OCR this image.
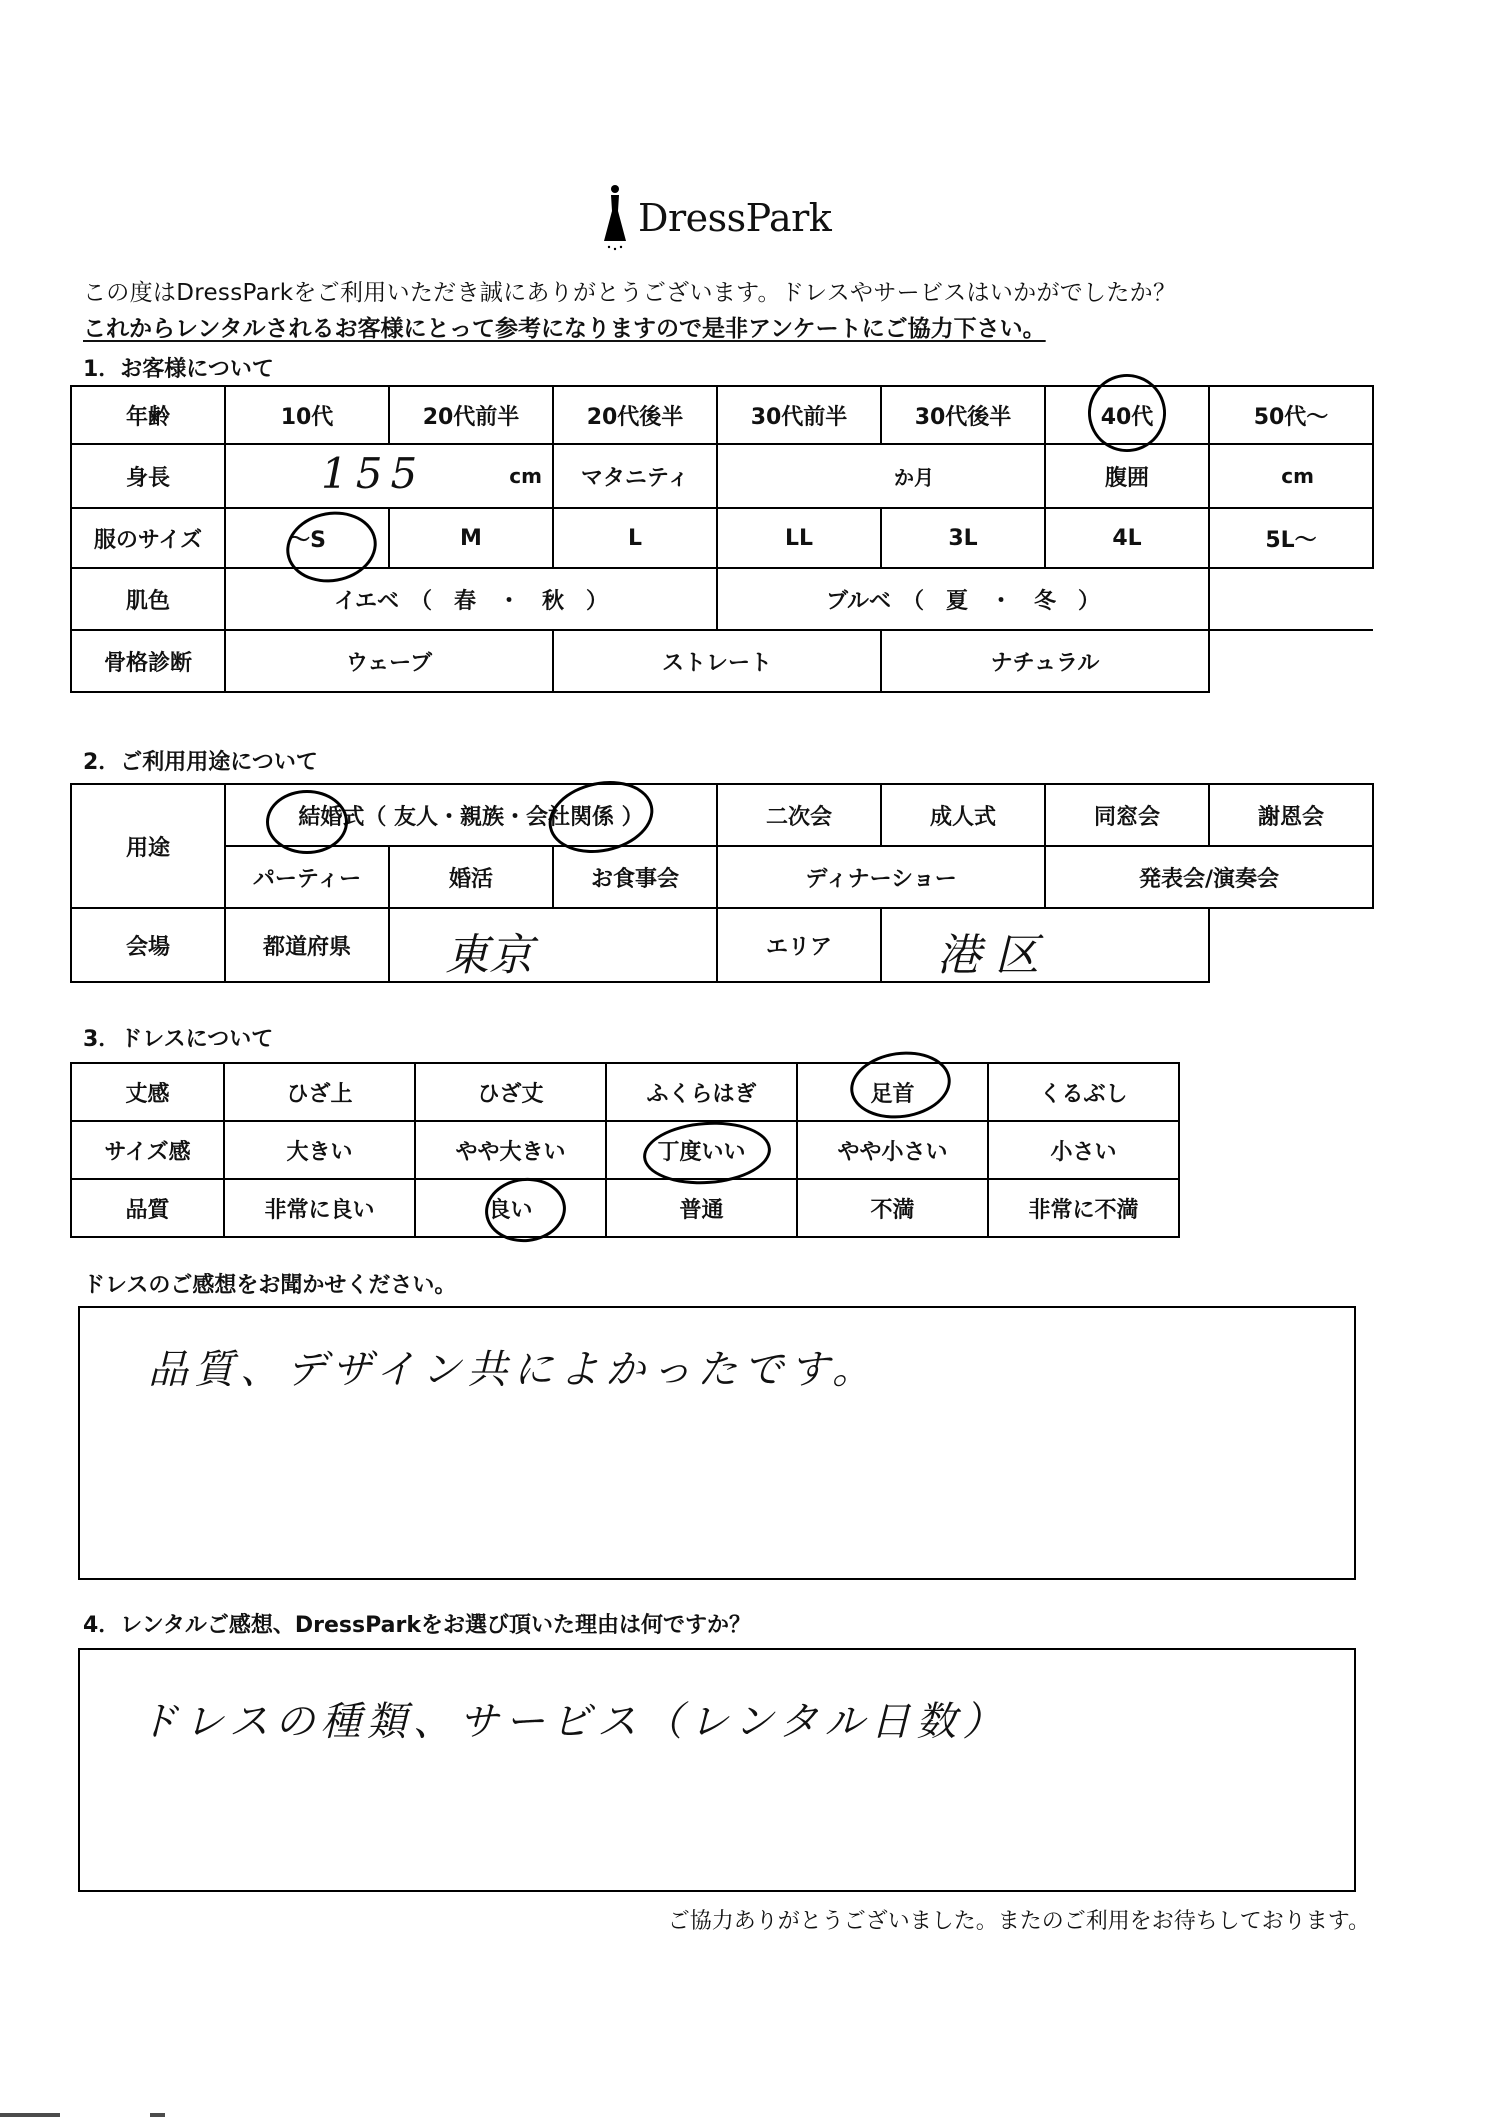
DressPark
この度はDressParkをご利用いただき誠にありがとうございます。ドレスやサービスはいかがでしたか？
これからレンタルされるお客様にとって参考になりますので是非アンケートにご協力下さい。
1．お客様について
年齢	10代	20代前半	20代後半	30代前半	30代後半	40代	50代～
身長	155 cm		マタニティ	か月		腹囲	cm

服のサイズ	～S	M	L	LL	3L	4L	5L～
肌色	イエベ　（　春　・　秋　）			ブルベ　（　夏　・　冬　）			
骨格診断	ウェーブ		ストレート		ナチュラル		
2．ご利用用途について
用途	結婚式（ 友人・親族・会社関係 ）			二次会	成人式	同窓会	謝恩会
	パーティー	婚活	お食事会	ディナーショー		発表会/演奏会	
会場	都道府県	東京		エリア	港区		

3．ドレスについて
丈感	ひざ上	ひざ丈	ふくらはぎ	足首	くるぶし
サイズ感	大きい	やや大きい	丁度いい	やや小さい	小さい
品質	非常に良い	良い	普通	不満	非常に不満
ドレスのご感想をお聞かせください。
品質、デザイン共によかったです。
4．レンタルご感想、DressParkをお選び頂いた理由は何ですか？
ドレスの種類、サービス（レンタル日数）
ご協力ありがとうございました。またのご利用をお待ちしております。
